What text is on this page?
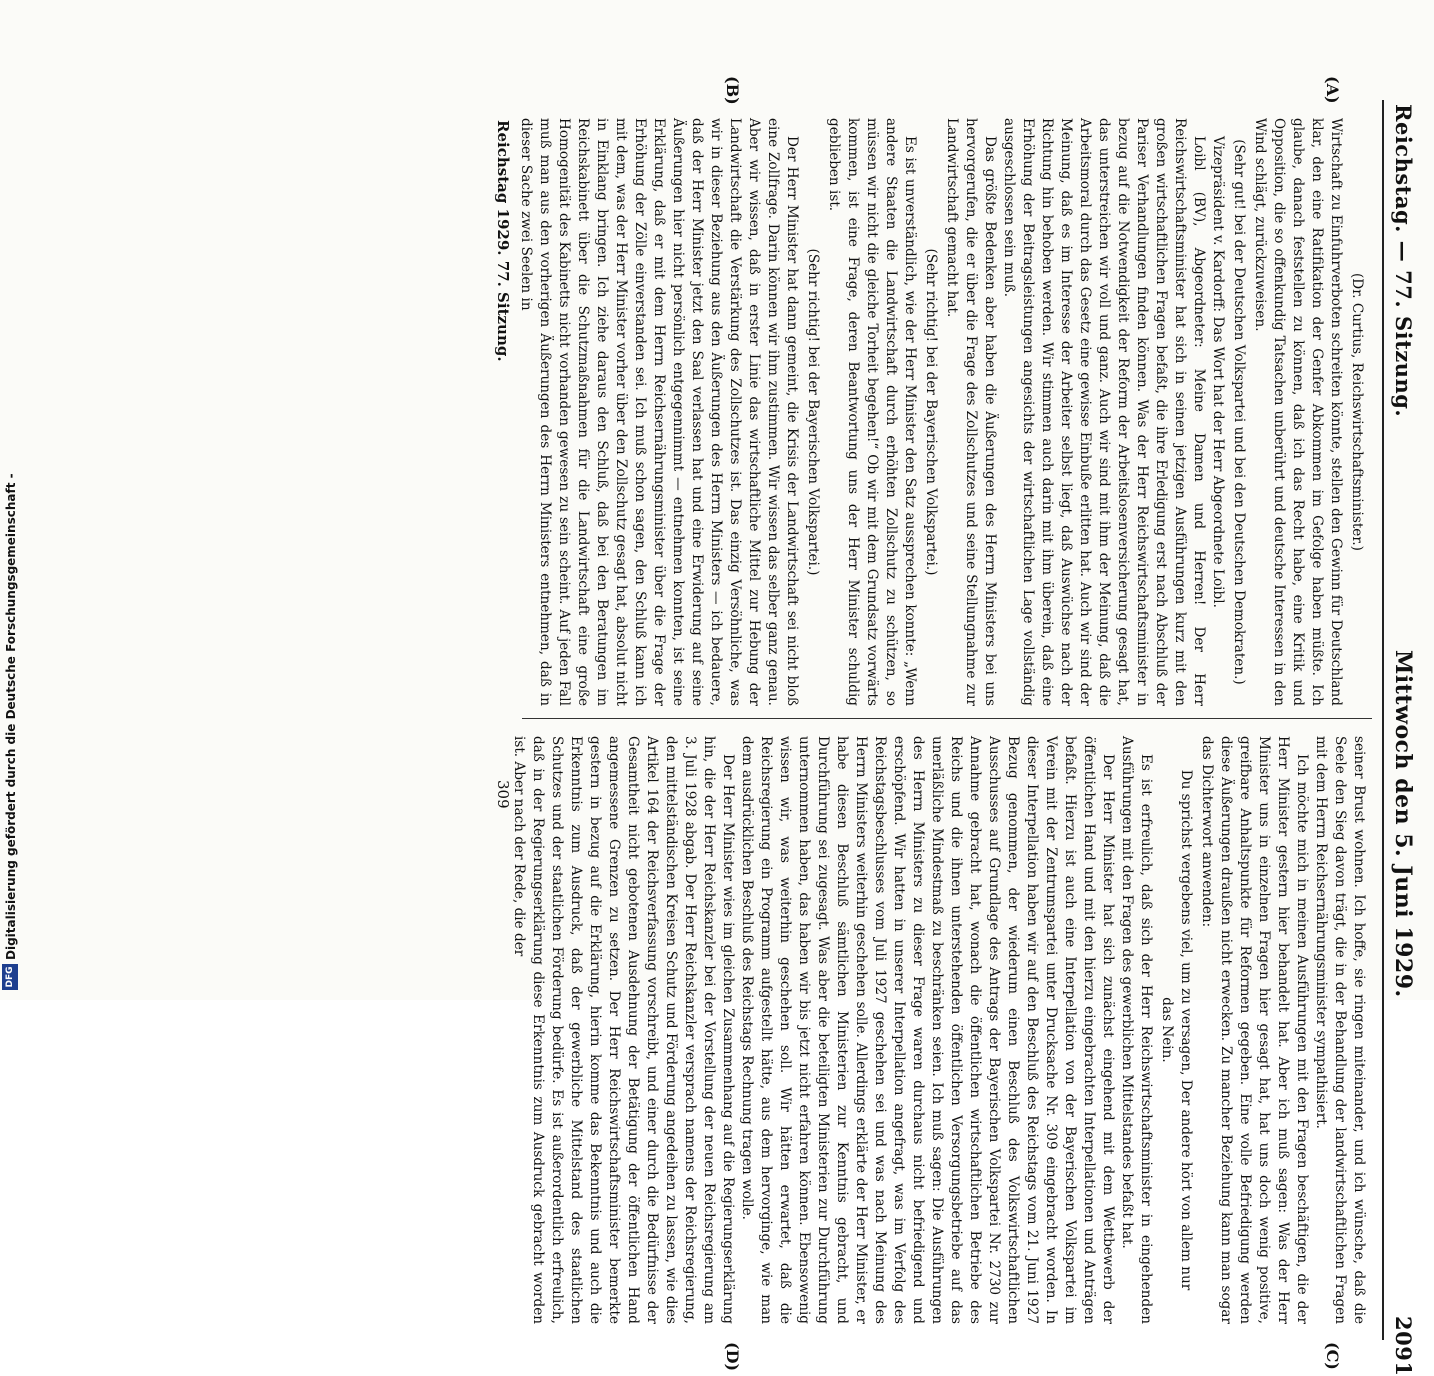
Reichstag. — 77. Sitzung.
Mittwoch den 5. Juni 1929.
2091
(A)
(B)
(C)
(D)

(Dr. Curtius, Reichswirtschaftsminister.)

Wirtschaft zu Einfuhrverboten schreiten könnte, stellen den Gewinn für Deutschland klar, den eine Ratifikation der Genfer Abkommen im Gefolge haben müßte. Ich glaube, danach feststellen zu können, daß ich das Recht habe, eine Kritik und Opposition, die so offenkundig Tatsachen unberührt und deutsche Interessen in den Wind schlägt, zurückzuweisen.

(Sehr gut! bei der Deutschen Volkspartei und bei den Deutschen Demokraten.)

Vizepräsident v. Kardorff: Das Wort hat der Herr Abgeordnete Loibl.

Loibl (BV), Abgeordneter: Meine Damen und Herren! Der Herr Reichswirtschaftsminister hat sich in seinen jetzigen Ausführungen kurz mit den großen wirtschaftlichen Fragen befaßt, die ihre Erledigung erst nach Abschluß der Pariser Verhandlungen finden können. Was der Herr Reichswirtschaftsminister in bezug auf die Notwendigkeit der Reform der Arbeitslosenversicherung gesagt hat, das unterstreichen wir voll und ganz. Auch wir sind mit ihm der Meinung, daß die Arbeitsmoral durch das Gesetz eine gewisse Einbuße erlitten hat. Auch wir sind der Meinung, daß es im Interesse der Arbeiter selbst liegt, daß Auswüchse nach der Richtung hin behoben werden. Wir stimmen auch darin mit ihm überein, daß eine Erhöhung der Beitragsleistungen angesichts der wirtschaftlichen Lage vollständig ausgeschlossen sein muß.

Das größte Bedenken aber haben die Äußerungen des Herrn Ministers bei uns hervorgerufen, die er über die Frage des Zollschutzes und seine Stellungnahme zur Landwirtschaft gemacht hat.

(Sehr richtig! bei der Bayerischen Volkspartei.)

Es ist unverständlich, wie der Herr Minister den Satz aussprechen konnte: „Wenn andere Staaten die Landwirtschaft durch erhöhten Zollschutz zu schützen, so müssen wir nicht die gleiche Torheit begehen!“ Ob wir mit dem Grundsatz vorwärts kommen, ist eine Frage, deren Beantwortung uns der Herr Minister schuldig geblieben ist.

(Sehr richtig! bei der Bayerischen Volkspartei.)

Der Herr Minister hat dann gemeint, die Krisis der Landwirtschaft sei nicht bloß eine Zollfrage. Darin können wir ihm zustimmen. Wir wissen das selber ganz genau. Aber wir wissen, daß in erster Linie das wirtschaftliche Mittel zur Hebung der Landwirtschaft die Verstärkung des Zollschutzes ist. Das einzig Versöhnliche, was wir in dieser Beziehung aus den Äußerungen des Herrn Ministers — ich bedauere, daß der Herr Minister jetzt den Saal verlassen hat und eine Erwiderung auf seine Äußerungen hier nicht persönlich entgegennimmt — entnehmen konnten, ist seine Erklärung, daß er mit dem Herrn Reichsernährungsminister über die Frage der Erhöhung der Zölle einverstanden sei. Ich muß schon sagen, den Schluß kann ich mit dem, was der Herr Minister vorher über den Zollschutz gesagt hat, absolut nicht in Einklang bringen. Ich ziehe daraus den Schluß, daß bei den Beratungen im Reichskabinett über die Schutzmaßnahmen für die Landwirtschaft eine große Homogenität des Kabinetts nicht vorhanden gewesen zu sein scheint. Auf jeden Fall muß man aus den vorherigen Äußerungen des Herrn Ministers entnehmen, daß in dieser Sache zwei Seelen in

seiner Brust wohnen. Ich hoffe, sie ringen miteinander, und ich wünsche, daß die Seele den Sieg davon trägt, die in der Behandlung der landwirtschaftlichen Fragen mit dem Herrn Reichsernährungsminister sympathisiert.

Ich möchte mich in meinen Ausführungen mit den Fragen beschäftigen, die der Herr Minister gestern hier behandelt hat. Aber ich muß sagen: Was der Herr Minister uns in einzelnen Fragen hier gesagt hat, hat uns doch wenig positive, greifbare Anhaltspunkte für Reformen gegeben. Eine volle Befriedigung werden diese Äußerungen draußen nicht erwecken. Zu mancher Beziehung kann man sogar das Dichterwort anwenden:

Du sprichst vergebens viel, um zu versagen, Der andere hört von allem nur das Nein.

Es ist erfreulich, daß sich der Herr Reichswirtschaftsminister in eingehenden Ausführungen mit den Fragen des gewerblichen Mittelstandes befaßt hat.

Der Herr Minister hat sich zunächst eingehend mit dem Wettbewerb der öffentlichen Hand und mit den hierzu eingebrachten Interpellationen und Anträgen befaßt. Hierzu ist auch eine Interpellation von der Bayerischen Volkspartei im Verein mit der Zentrumspartei unter Drucksache Nr. 309 eingebracht worden. In dieser Interpellation haben wir auf den Beschluß des Reichstags vom 21. Juni 1927 Bezug genommen, der wiederum einen Beschluß des Volkswirtschaftlichen Ausschusses auf Grundlage des Antrags der Bayerischen Volkspartei Nr. 2730 zur Annahme gebracht hat, wonach die öffentlichen wirtschaftlichen Betriebe des Reichs und die ihnen unterstehenden öffentlichen Versorgungsbetriebe auf das unerläßliche Mindestmaß zu beschränken seien. Ich muß sagen: Die Ausführungen des Herrn Ministers zu dieser Frage waren durchaus nicht befriedigend und erschöpfend. Wir hatten in unserer Interpellation angefragt, was im Verfolg des Reichstagsbeschlusses vom Juli 1927 geschehen sei und was nach Meinung des Herrn Ministers weiterhin geschehen solle. Allerdings erklärte der Herr Minister, er habe diesen Beschluß sämtlichen Ministerien zur Kenntnis gebracht, und Durchführung sei zugesagt. Was aber die beteiligten Ministerien zur Durchführung unternommen haben, das haben wir bis jetzt nicht erfahren können. Ebensowenig wissen wir, was weiterhin geschehen soll. Wir hätten erwartet, daß die Reichsregierung ein Programm aufgestellt hätte, aus dem hervorginge, wie man dem ausdrücklichen Beschluß des Reichstags Rechnung tragen wolle.

Der Herr Minister wies im gleichen Zusammenhang auf die Regierungserklärung hin, die der Herr Reichskanzler bei der Vorstellung der neuen Reichsregierung am 3. Juli 1928 abgab. Der Herr Reichskanzler versprach namens der Reichsregierung, den mittelständischen Kreisen Schutz und Förderung angedeihen zu lassen, wie dies Artikel 164 der Reichsverfassung vorschreibt, und einer durch die Bedürfnisse der Gesamtheit nicht gebotenen Ausdehnung der Betätigung der öffentlichen Hand angemessene Grenzen zu setzen. Der Herr Reichswirtschaftsminister bemerkte gestern in bezug auf die Erklärung, hierin komme das Bekenntnis und auch die Erkenntnis zum Ausdruck, daß der gewerbliche Mittelstand des staatlichen Schutzes und der staatlichen Förderung bedürfe. Es ist außerordentlich erfreulich, daß in der Regierungserklärung diese Erkenntnis zum Ausdruck gebracht worden ist. Aber nach der Rede, die der

Reichstag 1929. 77. Sitzung.
309
Digitalisierung gefördert durch die Deutsche Forschungsgemeinschaft -
DFG
